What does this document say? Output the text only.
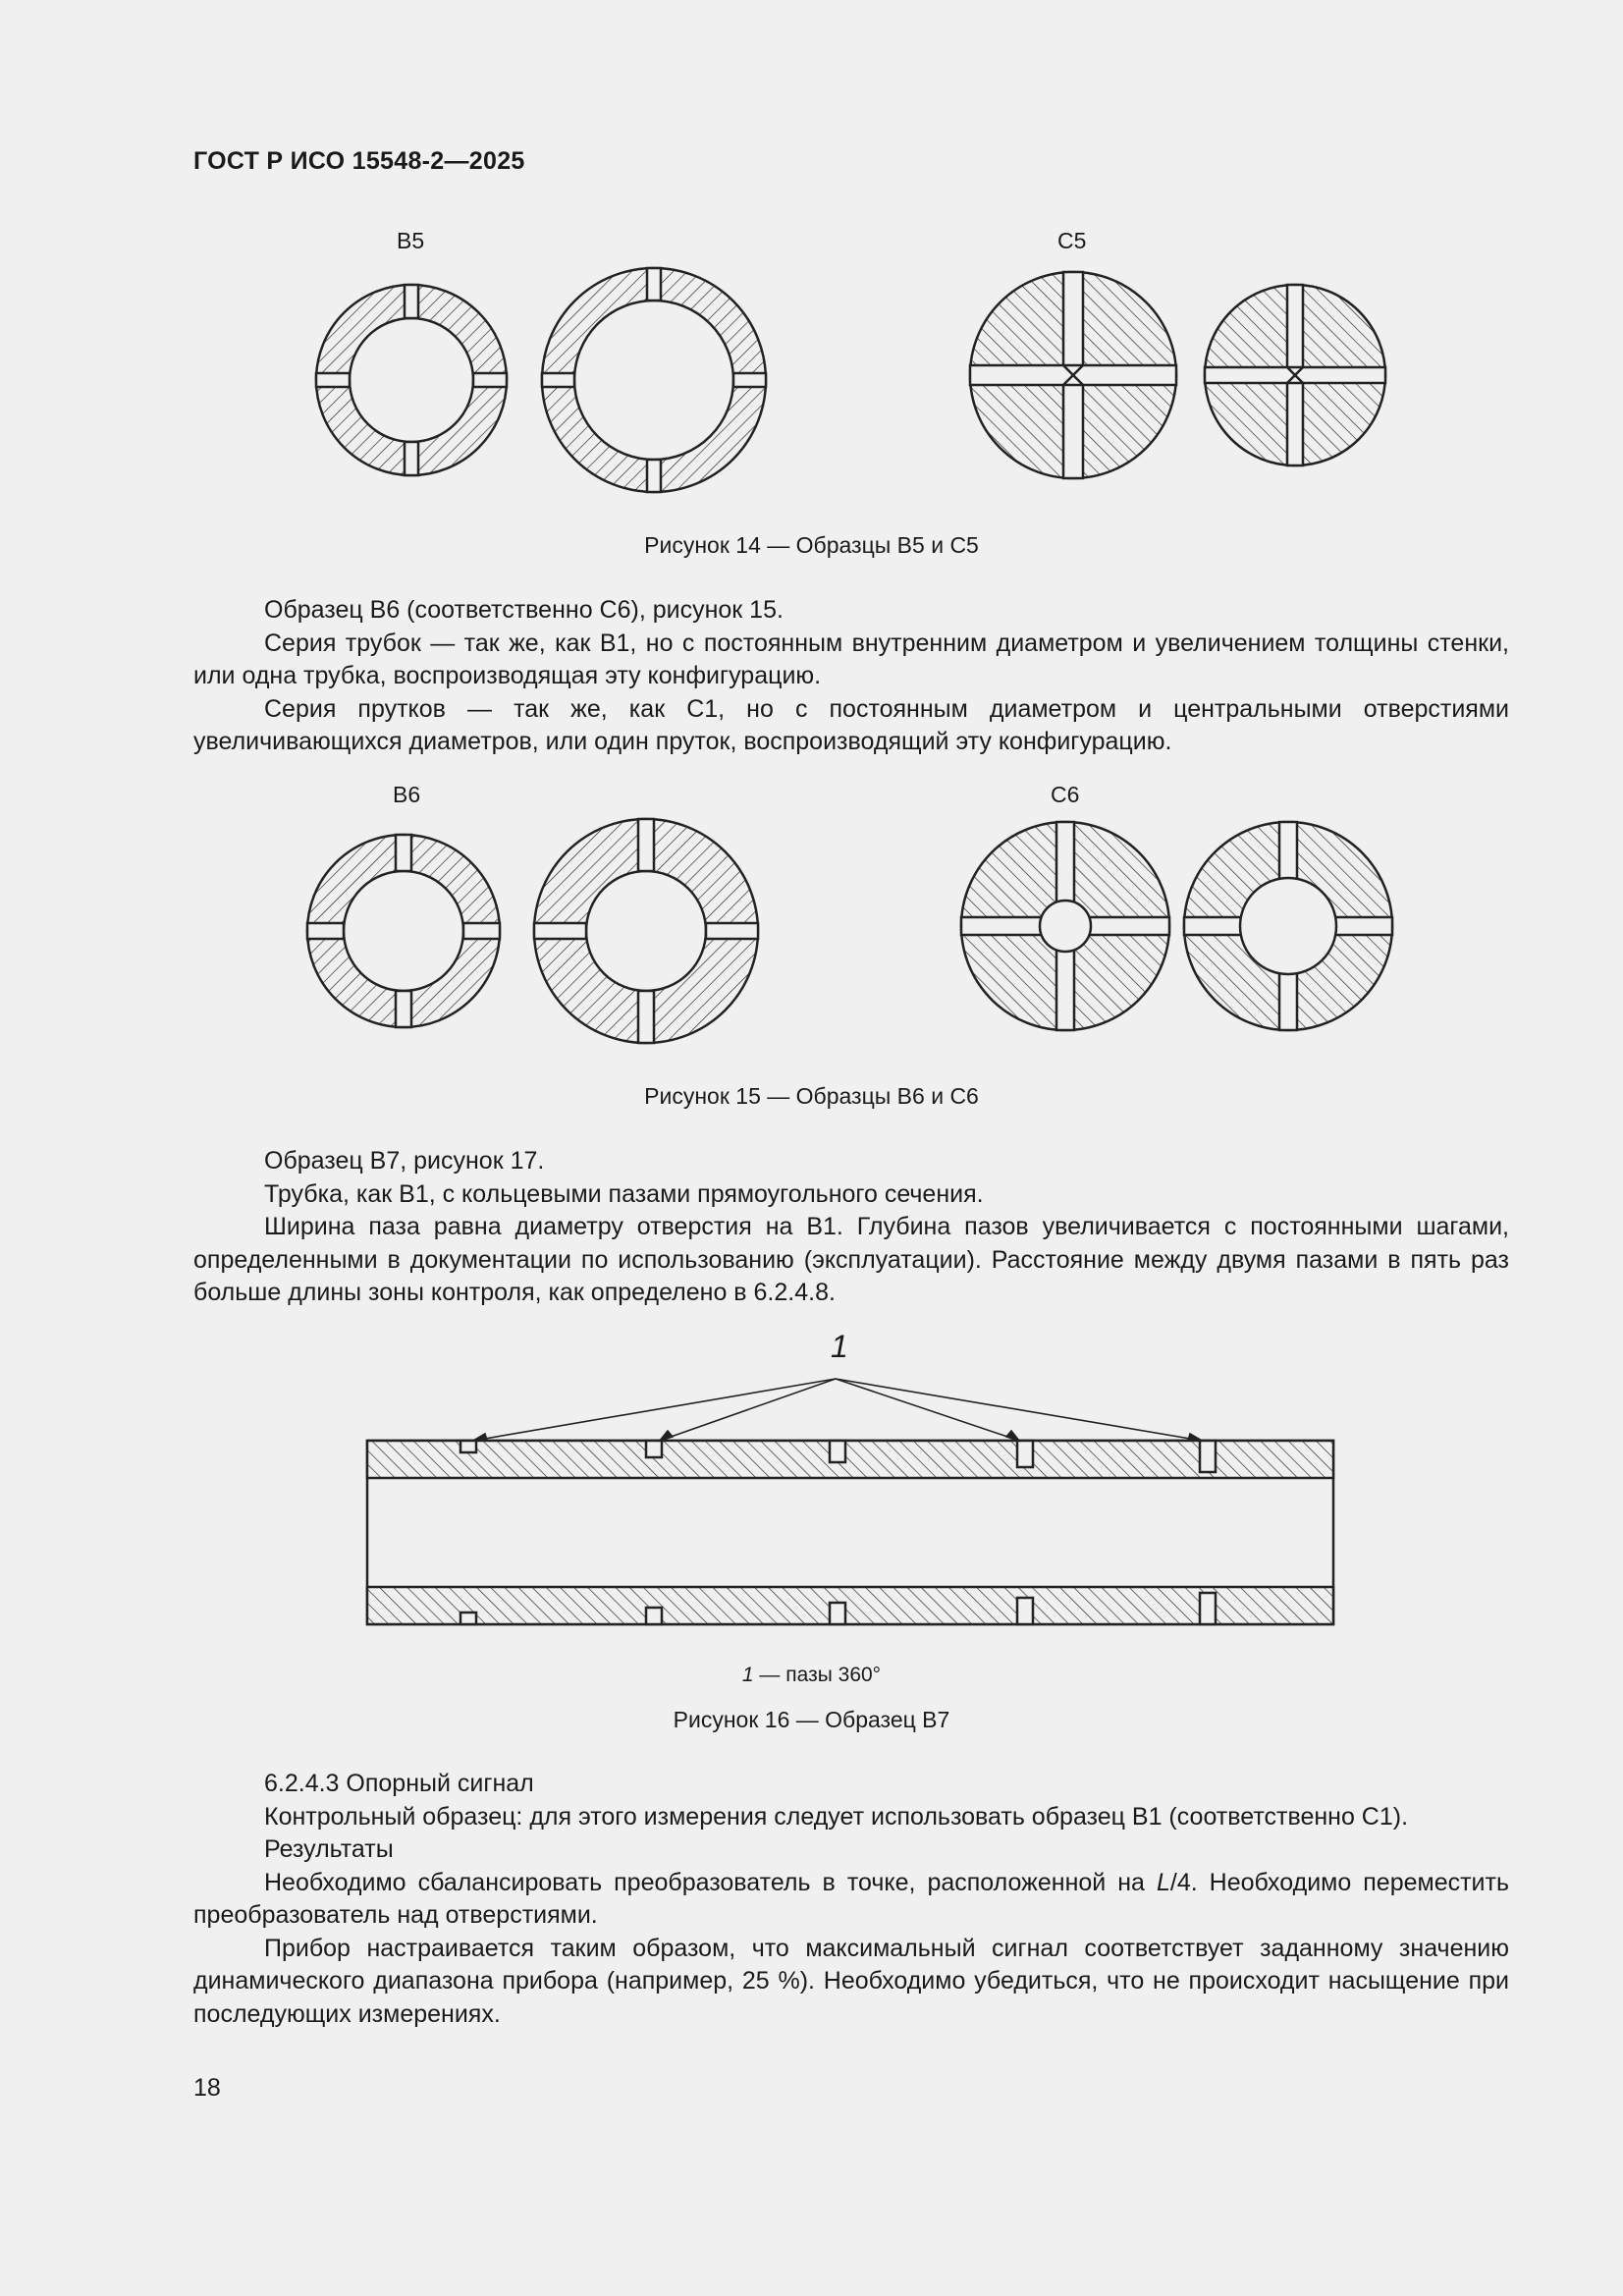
ГОСТ Р ИСО 15548-2—2025
B5	C5
Рисунок 14 — Образцы B5 и C5

Образец B6 (соответственно C6), рисунок 15.

Серия трубок — так же, как B1, но с постоянным внутренним диаметром и увеличением толщины стенки, или одна трубка, воспроизводящая эту конфигурацию.

Серия прутков — так же, как C1, но с постоянным диаметром и центральными отверстиями увеличивающихся диаметров, или один пруток, воспроизводящий эту конфигурацию.

B6	C6
Рисунок 15 — Образцы B6 и C6

Образец B7, рисунок 17.

Трубка, как B1, с кольцевыми пазами прямоугольного сечения.

Ширина паза равна диаметру отверстия на B1. Глубина пазов увеличивается с постоянными шагами, определенными в документации по использованию (эксплуатации). Расстояние между двумя пазами в пять раз больше длины зоны контроля, как определено в 6.2.4.8.

1
1 — пазы 360°
Рисунок 16 — Образец B7

6.2.4.3 Опорный сигнал

Контрольный образец: для этого измерения следует использовать образец B1 (соответственно C1).

Результаты

Необходимо сбалансировать преобразователь в точке, расположенной на L/4. Необходимо переместить преобразователь над отверстиями.

Прибор настраивается таким образом, что максимальный сигнал соответствует заданному значению динамического диапазона прибора (например, 25 %). Необходимо убедиться, что не происходит насыщение при последующих измерениях.

18
